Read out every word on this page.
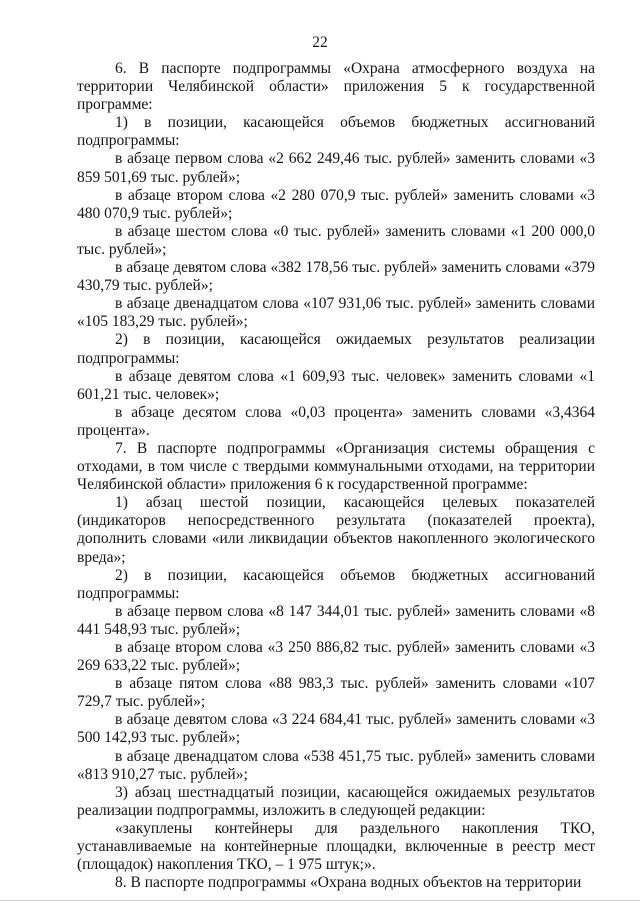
22

6. В паспорте подпрограммы «Охрана атмосферного воздуха на территории Челябинской области» приложения 5 к государственной программе:

1) в позиции, касающейся объемов бюджетных ассигнований подпрограммы:

в абзаце первом слова «2 662 249,46 тыс. рублей» заменить словами «3 859 501,69 тыс. рублей»;

в абзаце втором слова «2 280 070,9 тыс. рублей» заменить словами «3 480 070,9 тыс. рублей»;

в абзаце шестом слова «0 тыс. рублей» заменить словами «1 200 000,0 тыс. рублей»;

в абзаце девятом слова «382 178,56 тыс. рублей» заменить словами «379 430,79 тыс. рублей»;

в абзаце двенадцатом слова «107 931,06 тыс. рублей» заменить словами «105 183,29 тыс. рублей»;

2) в позиции, касающейся ожидаемых результатов реализации подпрограммы:

в абзаце девятом слова «1 609,93 тыс. человек» заменить словами «1 601,21 тыс. человек»;

в абзаце десятом слова «0,03 процента» заменить словами «3,4364 процента».

7. В паспорте подпрограммы «Организация системы обращения с отходами, в том числе с твердыми коммунальными отходами, на территории Челябинской области» приложения 6 к государственной программе:

1) абзац шестой позиции, касающейся целевых показателей (индикаторов непосредственного результата (показателей проекта), дополнить словами «или ликвидации объектов накопленного экологического вреда»;

2) в позиции, касающейся объемов бюджетных ассигнований подпрограммы:

в абзаце первом слова «8 147 344,01 тыс. рублей» заменить словами «8 441 548,93 тыс. рублей»;

в абзаце втором слова «3 250 886,82 тыс. рублей» заменить словами «3 269 633,22 тыс. рублей»;

в абзаце пятом слова «88 983,3 тыс. рублей» заменить словами «107 729,7 тыс. рублей»;

в абзаце девятом слова «3 224 684,41 тыс. рублей» заменить словами «3 500 142,93 тыс. рублей»;

в абзаце двенадцатом слова «538 451,75 тыс. рублей» заменить словами «813 910,27 тыс. рублей»;

3) абзац шестнадцатый позиции, касающейся ожидаемых результатов реализации подпрограммы, изложить в следующей редакции:

«закуплены контейнеры для раздельного накопления ТКО, устанавливаемые на контейнерные площадки, включенные в реестр мест (площадок) накопления ТКО, – 1 975 штук;».

8. В паспорте подпрограммы «Охрана водных объектов на территории
